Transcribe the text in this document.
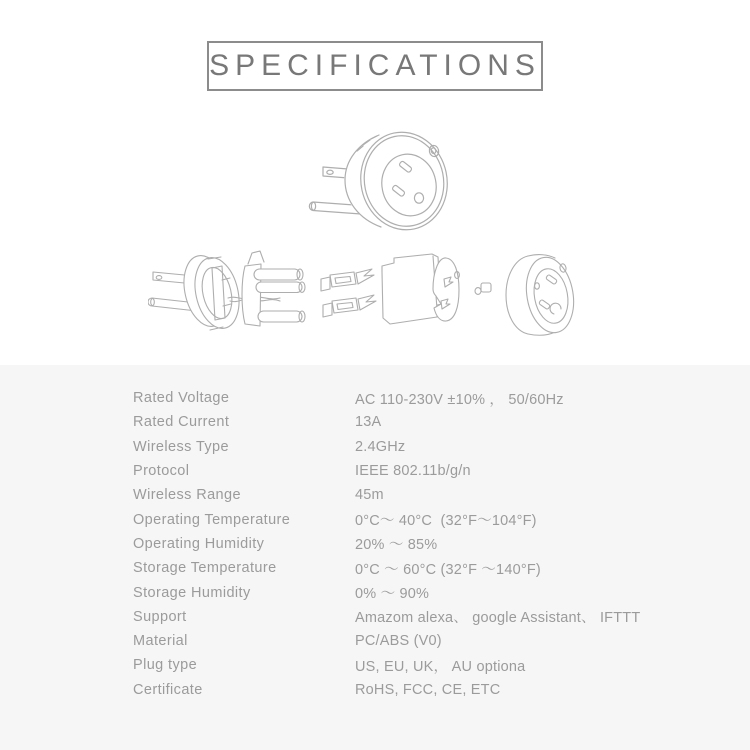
SPECIFICATIONS
Rated Voltage	AC 110-230V ±10% ， 50/60Hz
Rated Current	13A
Wireless Type	2.4GHz
Protocol	IEEE 802.11b/g/n
Wireless Range	45m
Operating Temperature	0°C～ 40°C  (32°F～104°F)
Operating Humidity	20% ～ 85%
Storage Temperature	0°C ～ 60°C (32°F ～140°F)
Storage Humidity	0% ～ 90%
Support	Amazom alexa、 google Assistant、 IFTTT
Material	PC/ABS (V0)
Plug type	US, EU, UK， AU optiona
Certificate	RoHS, FCC, CE, ETC
